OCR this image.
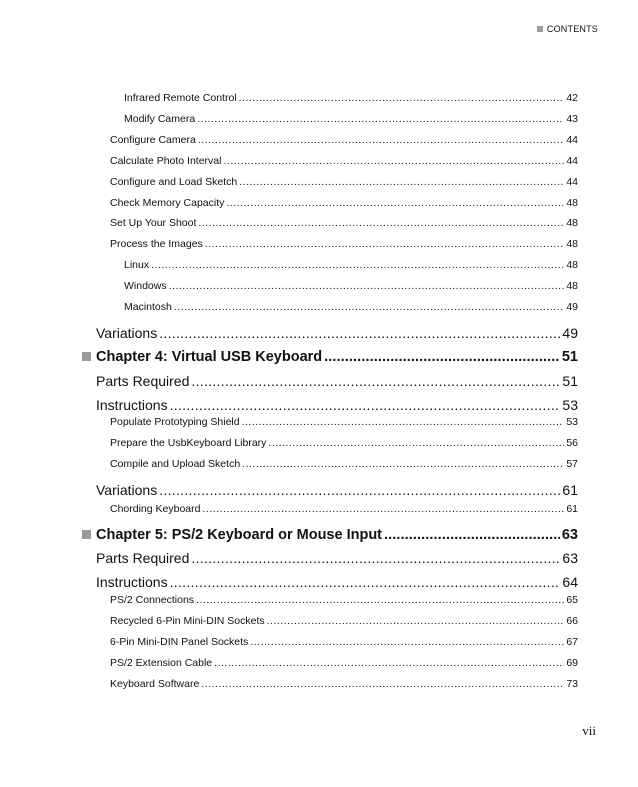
CONTENTS
Infrared Remote Control .....	42
Modify Camera .....	43
Configure Camera .....	44
Calculate Photo Interval .....	44
Configure and Load Sketch .....	44
Check Memory Capacity .....	48
Set Up Your Shoot .....	48
Process the Images .....	48
Linux .....	48
Windows .....	48
Macintosh .....	49
Variations .....	49
Chapter 4: Virtual USB Keyboard .....	51
Parts Required .....	51
Instructions .....	53
Populate Prototyping Shield .....	53
Prepare the UsbKeyboard Library .....	56
Compile and Upload Sketch .....	57
Variations .....	61
Chording Keyboard .....	61
Chapter 5: PS/2 Keyboard or Mouse Input .....	63
Parts Required .....	63
Instructions .....	64
PS/2 Connections .....	65
Recycled 6-Pin Mini-DIN Sockets .....	66
6-Pin Mini-DIN Panel Sockets .....	67
PS/2 Extension Cable .....	69
Keyboard Software .....	73
vii
